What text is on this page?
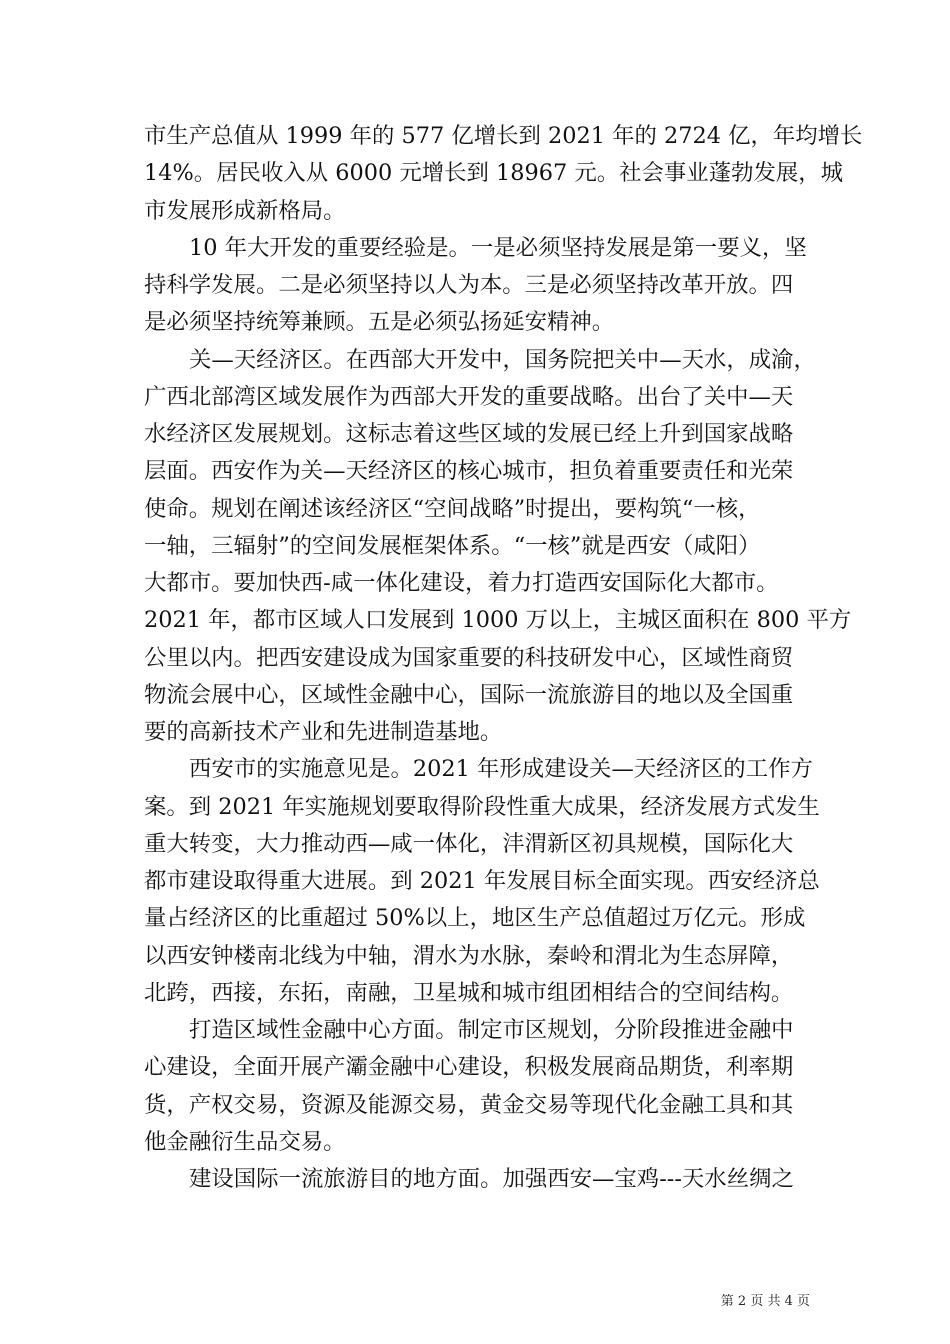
市生产总值从 1999 年的 577 亿增长到 2021 年的 2724 亿，年均增长
14%。居民收入从 6000 元增长到 18967 元。社会事业蓬勃发展，城
市发展形成新格局。
10 年大开发的重要经验是。一是必须坚持发展是第一要义，坚
持科学发展。二是必须坚持以人为本。三是必须坚持改革开放。四
是必须坚持统筹兼顾。五是必须弘扬延安精神。
关—天经济区。在西部大开发中，国务院把关中—天水，成渝，
广西北部湾区域发展作为西部大开发的重要战略。出台了关中—天
水经济区发展规划。这标志着这些区域的发展已经上升到国家战略
层面。西安作为关—天经济区的核心城市，担负着重要责任和光荣
使命。规划在阐述该经济区“空间战略”时提出，要构筑“一核，
一轴，三辐射”的空间发展框架体系。“一核”就是西安（咸阳）
大都市。要加快西-咸一体化建设，着力打造西安国际化大都市。
2021 年，都市区域人口发展到 1000 万以上，主城区面积在 800 平方
公里以内。把西安建设成为国家重要的科技研发中心，区域性商贸
物流会展中心，区域性金融中心，国际一流旅游目的地以及全国重
要的高新技术产业和先进制造基地。
西安市的实施意见是。2021 年形成建设关—天经济区的工作方
案。到 2021 年实施规划要取得阶段性重大成果，经济发展方式发生
重大转变，大力推动西—咸一体化，沣渭新区初具规模，国际化大
都市建设取得重大进展。到 2021 年发展目标全面实现。西安经济总
量占经济区的比重超过 50%以上，地区生产总值超过万亿元。形成
以西安钟楼南北线为中轴，渭水为水脉，秦岭和渭北为生态屏障，
北跨，西接，东拓，南融，卫星城和城市组团相结合的空间结构。
打造区域性金融中心方面。制定市区规划，分阶段推进金融中
心建设，全面开展产灞金融中心建设，积极发展商品期货，利率期
货，产权交易，资源及能源交易，黄金交易等现代化金融工具和其
他金融衍生品交易。
建设国际一流旅游目的地方面。加强西安—宝鸡---天水丝绸之
第 2 页 共 4 页
